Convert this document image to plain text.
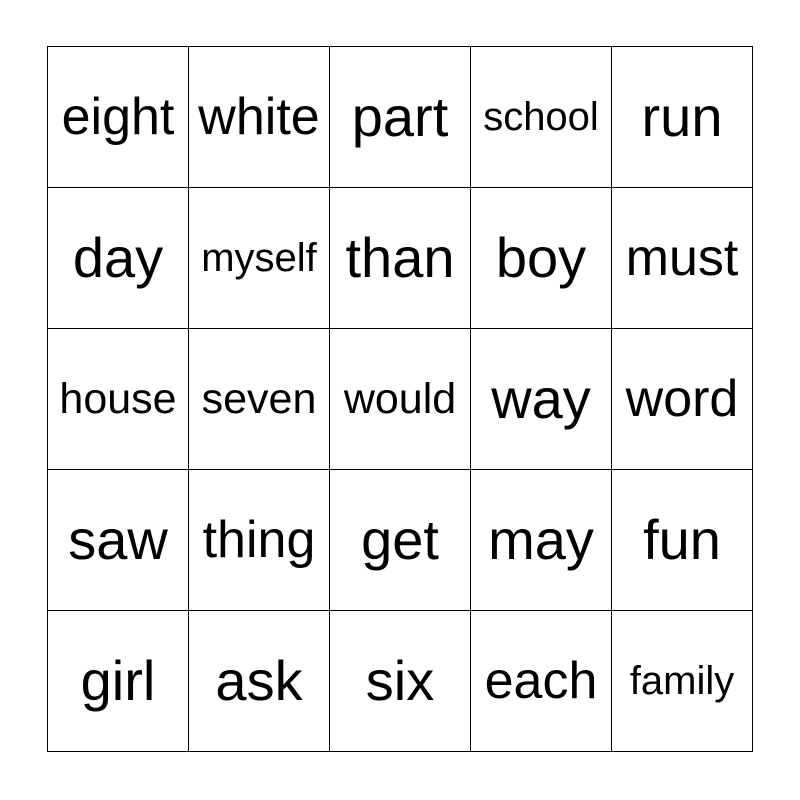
eight white part school run
day myself than boy must
house seven would way word
saw thing get may fun
girl	ask	six each family
